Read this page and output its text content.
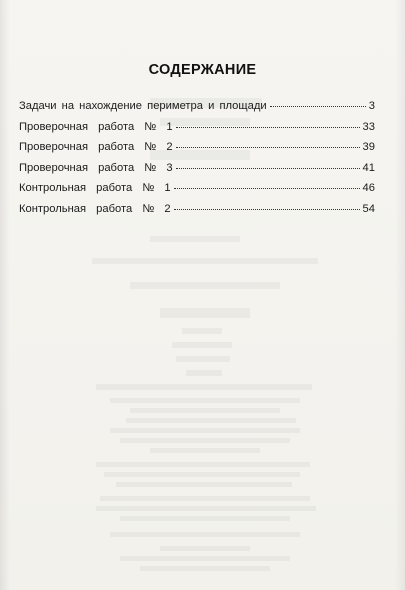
СОДЕРЖАНИЕ
Задачи на нахождение периметра и площади	3
Проверочная работа № 1	33
Проверочная работа № 2	39
Проверочная работа № 3	41
Контрольная работа № 1	46
Контрольная работа № 2	54
